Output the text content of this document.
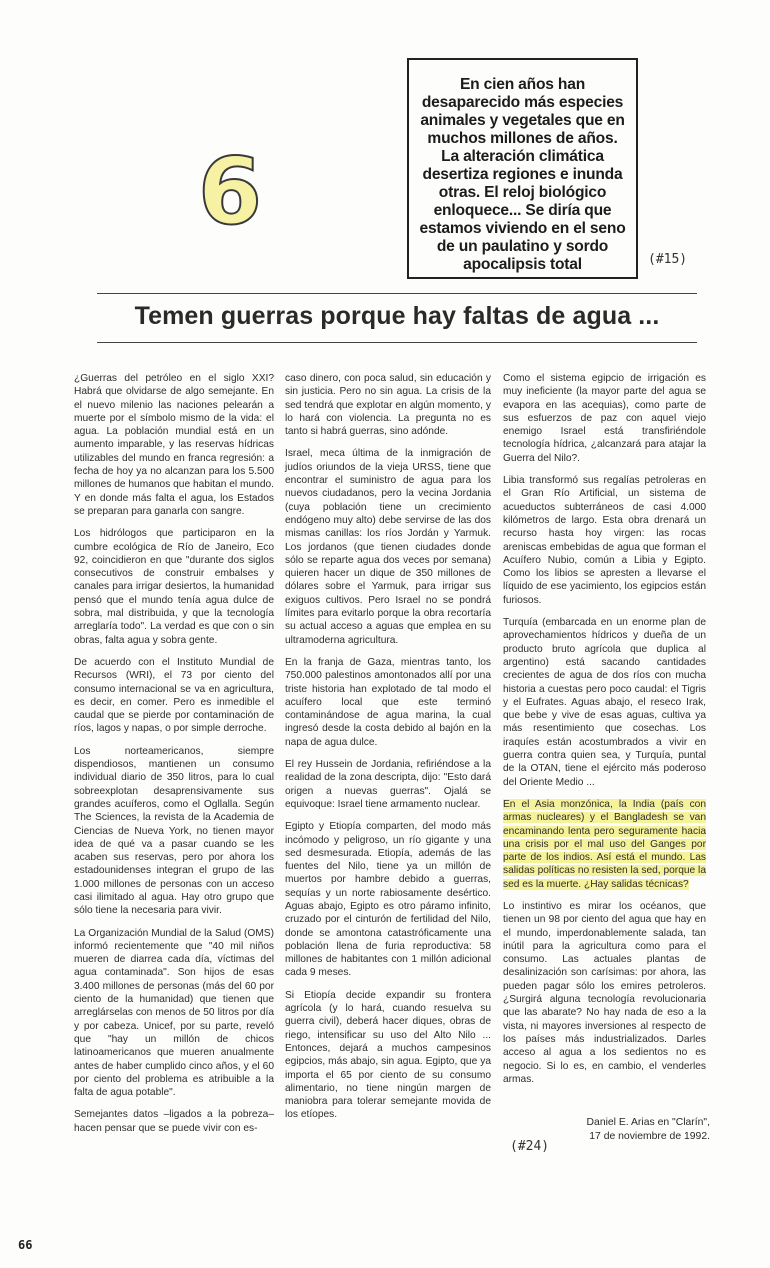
6
En cien años han desaparecido más especies animales y vegetales que en muchos millones de años. La alteración climática desertiza regiones e inunda otras. El reloj biológico enloquece... Se diría que estamos viviendo en el seno de un paulatino y sordo apocalipsis total	(#15)
Temen guerras porque hay faltas de agua ...

¿Guerras del petróleo en el siglo XXI? Habrá que olvidarse de algo semejante. En el nuevo milenio las naciones pelearán a muerte por el símbolo mismo de la vida: el agua. La población mundial está en un aumento imparable, y las reservas hídricas utilizables del mundo en franca regresión: a fecha de hoy ya no alcanzan para los 5.500 millones de humanos que habitan el mundo. Y en donde más falta el agua, los Estados se preparan para ganarla con sangre.

Los hidrólogos que participaron en la cumbre ecológica de Río de Janeiro, Eco 92, coincidieron en que "durante dos siglos consecutivos de construir embalses y canales para irrigar desiertos, la humanidad pensó que el mundo tenía agua dulce de sobra, mal distribuida, y que la tecnología arreglaría todo". La verdad es que con o sin obras, falta agua y sobra gente.

De acuerdo con el Instituto Mundial de Recursos (WRI), el 73 por ciento del consumo internacional se va en agricultura, es decir, en comer. Pero es inmedible el caudal que se pierde por contaminación de ríos, lagos y napas, o por simple derroche.

Los norteamericanos, siempre dispendiosos, mantienen un consumo individual diario de 350 litros, para lo cual sobreexplotan desaprensivamente sus grandes acuíferos, como el Ogllalla. Según The Sciences, la revista de la Academia de Ciencias de Nueva York, no tienen mayor idea de qué va a pasar cuando se les acaben sus reservas, pero por ahora los estadounidenses integran el grupo de las 1.000 millones de personas con un acceso casi ilimitado al agua. Hay otro grupo que sólo tiene la necesaria para vivir.

La Organización Mundial de la Salud (OMS) informó recientemente que "40 mil niños mueren de diarrea cada día, víctimas del agua contaminada". Son hijos de esas 3.400 millones de personas (más del 60 por ciento de la humanidad) que tienen que arreglárselas con menos de 50 litros por día y por cabeza. Unicef, por su parte, reveló que "hay un millón de chicos latinoamericanos que mueren anualmente antes de haber cumplido cinco años, y el 60 por ciento del problema es atribuible a la falta de agua potable".

Semejantes datos –ligados a la pobreza– hacen pensar que se puede vivir con es-

caso dinero, con poca salud, sin educación y sin justicia. Pero no sin agua. La crisis de la sed tendrá que explotar en algún momento, y lo hará con violencia. La pregunta no es tanto si habrá guerras, sino adónde.

Israel, meca última de la inmigración de judíos oriundos de la vieja URSS, tiene que encontrar el suministro de agua para los nuevos ciudadanos, pero la vecina Jordania (cuya población tiene un crecimiento endógeno muy alto) debe servirse de las dos mismas canillas: los ríos Jordán y Yarmuk. Los jordanos (que tienen ciudades donde sólo se reparte agua dos veces por semana) quieren hacer un dique de 350 millones de dólares sobre el Yarmuk, para irrigar sus exiguos cultivos. Pero Israel no se pondrá límites para evitarlo porque la obra recortaría su actual acceso a aguas que emplea en su ultramoderna agricultura.

En la franja de Gaza, mientras tanto, los 750.000 palestinos amontonados allí por una triste historia han explotado de tal modo el acuífero local que este terminó contaminándose de agua marina, la cual ingresó desde la costa debido al bajón en la napa de agua dulce.

El rey Hussein de Jordania, refiriéndose a la realidad de la zona descripta, dijo: "Esto dará origen a nuevas guerras". Ojalá se equivoque: Israel tiene armamento nuclear.

Egipto y Etiopía comparten, del modo más incómodo y peligroso, un río gigante y una sed desmesurada. Etiopía, además de las fuentes del Nilo, tiene ya un millón de muertos por hambre debido a guerras, sequías y un norte rabiosamente desértico. Aguas abajo, Egipto es otro páramo infinito, cruzado por el cinturón de fertilidad del Nilo, donde se amontona catastróficamente una población llena de furia reproductiva: 58 millones de habitantes con 1 millón adicional cada 9 meses.

Si Etiopía decide expandir su frontera agrícola (y lo hará, cuando resuelva su guerra civil), deberá hacer diques, obras de riego, intensificar su uso del Alto Nilo ... Entonces, dejará a muchos campesinos egipcios, más abajo, sin agua. Egipto, que ya importa el 65 por ciento de su consumo alimentario, no tiene ningún margen de maniobra para tolerar semejante movida de los etíopes.

Como el sistema egipcio de irrigación es muy ineficiente (la mayor parte del agua se evapora en las acequias), como parte de sus esfuerzos de paz con aquel viejo enemigo Israel está transfiriéndole tecnología hídrica, ¿alcanzará para atajar la Guerra del Nilo?.

Libia transformó sus regalías petroleras en el Gran Río Artificial, un sistema de acueductos subterráneos de casi 4.000 kilómetros de largo. Esta obra drenará un recurso hasta hoy virgen: las rocas areniscas embebidas de agua que forman el Acuífero Nubio, común a Libia y Egipto. Como los libios se apresten a llevarse el líquido de ese yacimiento, los egipcios están furiosos.

Turquía (embarcada en un enorme plan de aprovechamientos hídricos y dueña de un producto bruto agrícola que duplica al argentino) está sacando cantidades crecientes de agua de dos ríos con mucha historia a cuestas pero poco caudal: el Tigris y el Eufrates. Aguas abajo, el reseco Irak, que bebe y vive de esas aguas, cultiva ya más resentimiento que cosechas. Los iraquíes están acostumbrados a vivir en guerra contra quien sea, y Turquía, puntal de la OTAN, tiene el ejército más poderoso del Oriente Medio ...

En el Asia monzónica, la India (país con armas nucleares) y el Bangladesh se van encaminando lenta pero seguramente hacia una crisis por el mal uso del Ganges por parte de los indios. Así está el mundo. Las salidas políticas no resisten la sed, porque la sed es la muerte. ¿Hay salidas técnicas?

Lo instintivo es mirar los océanos, que tienen un 98 por ciento del agua que hay en el mundo, imperdonablemente salada, tan inútil para la agricultura como para el consumo. Las actuales plantas de desalinización son carísimas: por ahora, las pueden pagar sólo los emires petroleros. ¿Surgirá alguna tecnología revolucionaria que las abarate? No hay nada de eso a la vista, ni mayores inversiones al respecto de los países más industrializados. Darles acceso al agua a los sedientos no es negocio. Si lo es, en cambio, el venderles armas.

Daniel E. Arias en "Clarín",
17 de noviembre de 1992.
(#24)
66
